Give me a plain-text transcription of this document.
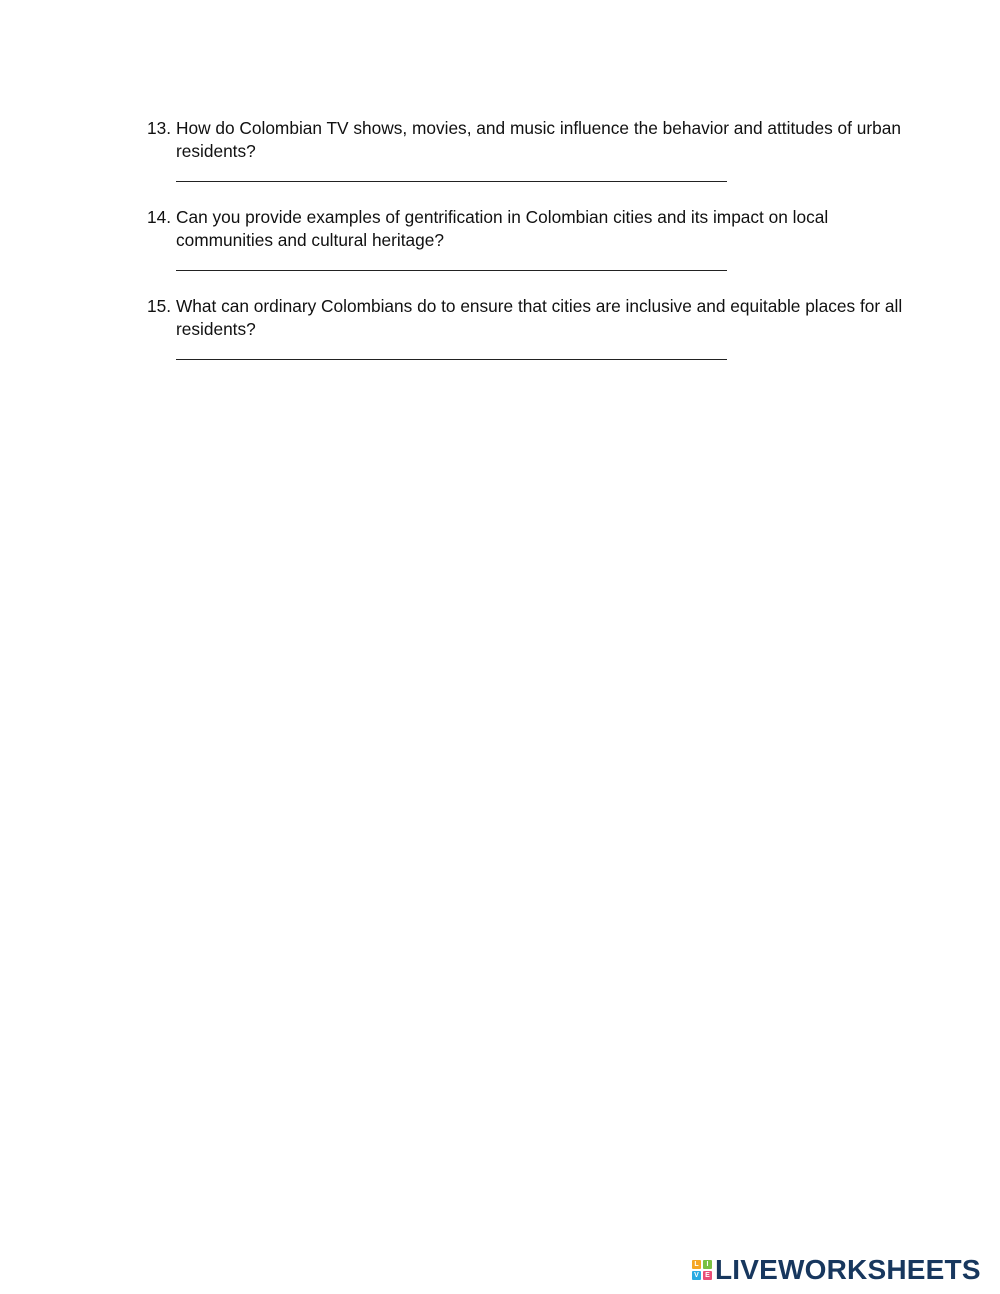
13. How do Colombian TV shows, movies, and music influence the behavior and attitudes of urban residents?
14. Can you provide examples of gentrification in Colombian cities and its impact on local communities and cultural heritage?
15. What can ordinary Colombians do to ensure that cities are inclusive and equitable places for all residents?
L	I
V E LIVEWORKSHEETS
